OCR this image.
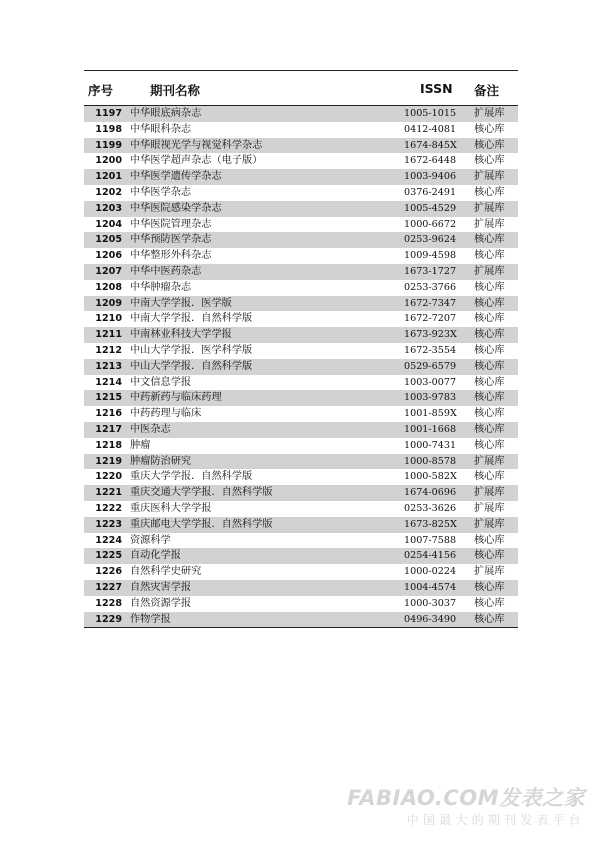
序号	期刊名称	ISSN 备注
1197 中华眼底病杂志	1005-1015 扩展库
1198 中华眼科杂志	0412-4081 核心库
1199 中华眼视光学与视觉科学杂志	1674-845X 核心库
1200 中华医学超声杂志（电子版）	1672-6448 核心库
1201 中华医学遗传学杂志	1003-9406 扩展库
1202 中华医学杂志	0376-2491 核心库
1203 中华医院感染学杂志	1005-4529 扩展库
1204 中华医院管理杂志	1000-6672 扩展库
1205 中华预防医学杂志	0253-9624 核心库
1206 中华整形外科杂志	1009-4598 核心库
1207 中华中医药杂志	1673-1727 扩展库
1208 中华肿瘤杂志	0253-3766 核心库
1209 中南大学学报．医学版	1672-7347 核心库
1210 中南大学学报．自然科学版	1672-7207 核心库
1211 中南林业科技大学学报	1673-923X 核心库
1212 中山大学学报．医学科学版	1672-3554 核心库
1213 中山大学学报．自然科学版	0529-6579 核心库
1214 中文信息学报	1003-0077 核心库
1215 中药新药与临床药理	1003-9783 核心库
1216 中药药理与临床	1001-859X 核心库
1217 中医杂志	1001-1668 核心库
1218 肿瘤	1000-7431 核心库
1219 肿瘤防治研究	1000-8578 扩展库
1220 重庆大学学报．自然科学版	1000-582X 核心库
1221 重庆交通大学学报．自然科学版	1674-0696 扩展库
1222 重庆医科大学学报	0253-3626 扩展库
1223 重庆邮电大学学报．自然科学版	1673-825X 扩展库
1224 资源科学	1007-7588 核心库
1225 自动化学报	0254-4156 核心库
1226 自然科学史研究	1000-0224 扩展库
1227 自然灾害学报	1004-4574 核心库
1228 自然资源学报	1000-3037 核心库
1229 作物学报	0496-3490 核心库
FABIAO.COM发表之家
中国最大的期刊发表平台
